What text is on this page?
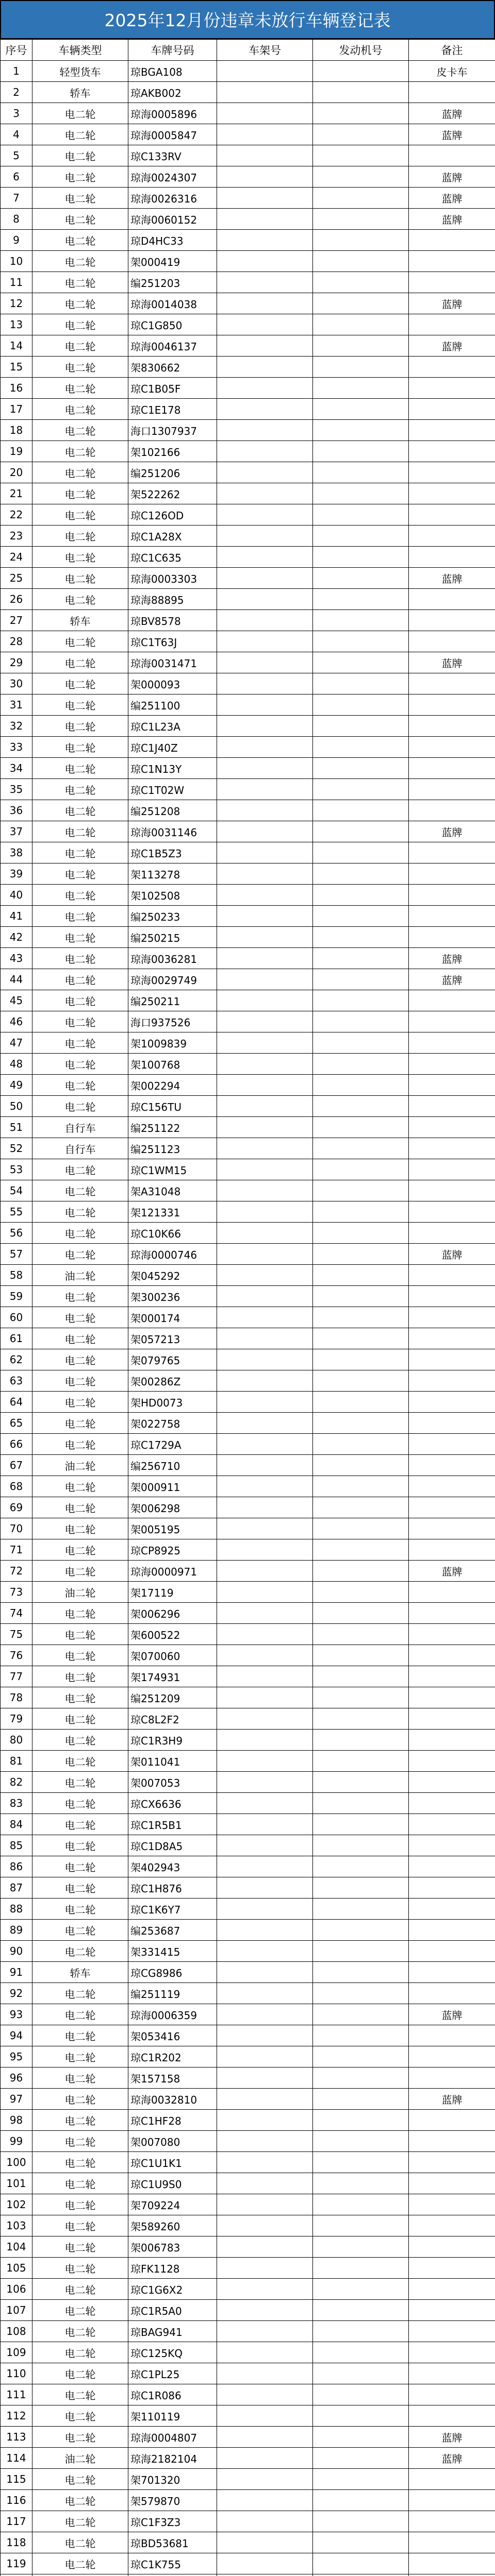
2025年12月份违章未放行车辆登记表
序号	车辆类型	车牌号码	车架号	发动机号	备注
1	轻型货车	琼BGA108			皮卡车
2	轿车	琼AKB002			
3	电二轮	琼海0005896			蓝牌
4	电二轮	琼海0005847			蓝牌
5	电二轮	琼C133RV			
6	电二轮	琼海0024307			蓝牌
7	电二轮	琼海0026316			蓝牌
8	电二轮	琼海0060152			蓝牌
9	电二轮	琼D4HC33			
10	电二轮	架000419			
11	电二轮	编251203			
12	电二轮	琼海0014038			蓝牌
13	电二轮	琼C1G850			
14	电二轮	琼海0046137			蓝牌
15	电二轮	架830662			
16	电二轮	琼C1B05F			
17	电二轮	琼C1E178			
18	电二轮	海口1307937			
19	电二轮	架102166			
20	电二轮	编251206			
21	电二轮	架522262			
22	电二轮	琼C126OD			
23	电二轮	琼C1A28X			
24	电二轮	琼C1C635			
25	电二轮	琼海0003303			蓝牌
26	电二轮	琼海88895			
27	轿车	琼BV8578			
28	电二轮	琼C1T63J			
29	电二轮	琼海0031471			蓝牌
30	电二轮	架000093			
31	电二轮	编251100			
32	电二轮	琼C1L23A			
33	电二轮	琼C1J40Z			
34	电二轮	琼C1N13Y			
35	电二轮	琼C1T02W			
36	电二轮	编251208			
37	电二轮	琼海0031146			蓝牌
38	电二轮	琼C1B5Z3			
39	电二轮	架113278			
40	电二轮	架102508			
41	电二轮	编250233			
42	电二轮	编250215			
43	电二轮	琼海0036281			蓝牌
44	电二轮	琼海0029749			蓝牌
45	电二轮	编250211			
46	电二轮	海口937526			
47	电二轮	架1009839			
48	电二轮	架100768			
49	电二轮	架002294			
50	电二轮	琼C156TU			
51	自行车	编251122			
52	自行车	编251123			
53	电二轮	琼C1WM15			
54	电二轮	架A31048			
55	电二轮	架121331			
56	电二轮	琼C10K66			
57	电二轮	琼海0000746			蓝牌
58	油二轮	架045292			
59	电二轮	架300236			
60	电二轮	架000174			
61	电二轮	架057213			
62	电二轮	架079765			
63	电二轮	架00286Z			
64	电二轮	架HD0073			
65	电二轮	架022758			
66	电二轮	琼C1729A			
67	油二轮	编256710			
68	电二轮	架000911			
69	电二轮	架006298			
70	电二轮	架005195			
71	电二轮	琼CP8925			
72	电二轮	琼海0000971			蓝牌
73	油二轮	架17119			
74	电二轮	架006296			
75	电二轮	架600522			
76	电二轮	架070060			
77	电二轮	架174931			
78	电二轮	编251209			
79	电二轮	琼C8L2F2			
80	电二轮	琼C1R3H9			
81	电二轮	架011041			
82	电二轮	架007053			
83	电二轮	琼CX6636			
84	电二轮	琼C1R5B1			
85	电二轮	琼C1D8A5			
86	电二轮	架402943			
87	电二轮	琼C1H876			
88	电二轮	琼C1K6Y7			
89	电二轮	编253687			
90	电二轮	架331415			
91	轿车	琼CG8986			
92	电二轮	编251119			
93	电二轮	琼海0006359			蓝牌
94	电二轮	架053416			
95	电二轮	琼C1R202			
96	电二轮	架157158			
97	电二轮	琼海0032810			蓝牌
98	电二轮	琼C1HF28			
99	电二轮	架007080			
100	电二轮	琼C1U1K1			
101	电二轮	琼C1U9S0			
102	电二轮	架709224			
103	电二轮	架589260			
104	电二轮	架006783			
105	电二轮	琼FK1128			
106	电二轮	琼C1G6X2			
107	电二轮	琼C1R5A0			
108	电二轮	琼BAG941			
109	电二轮	琼C125KQ			
110	电二轮	琼C1PL25			
111	电二轮	琼C1R086			
112	电二轮	架110119			
113	电二轮	琼海0004807			蓝牌
114	油二轮	琼海2182104			蓝牌
115	电二轮	架701320			
116	电二轮	架579870			
117	电二轮	琼C1F3Z3			
118	电二轮	琼BD53681			
119	电二轮	琼C1K755			
